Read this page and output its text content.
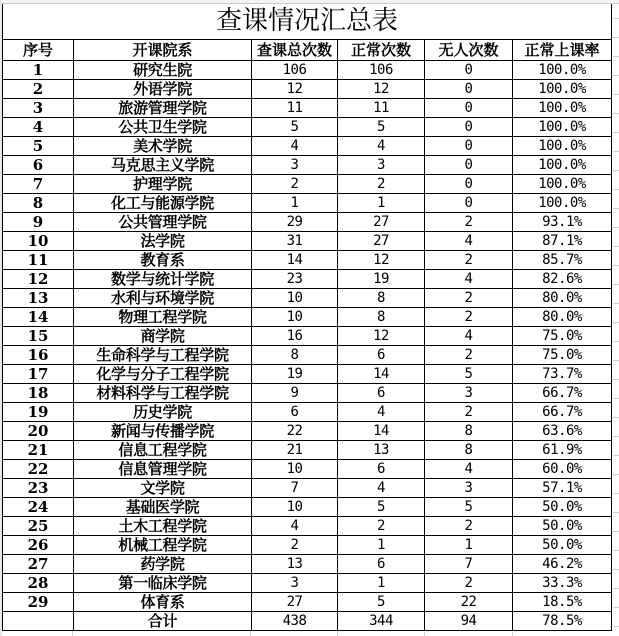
查课情况汇总表					
序号	开课院系	查课总次数	正常次数	无人次数	正常上课率
1	研究生院	106	106	0	100.0%
2	外语学院	12	12	0	100.0%
3	旅游管理学院	11	11	0	100.0%
4	公共卫生学院	5	5	0	100.0%
5	美术学院	4	4	0	100.0%
6	马克思主义学院	3	3	0	100.0%
7	护理学院	2	2	0	100.0%
8	化工与能源学院	1	1	0	100.0%
9	公共管理学院	29	27	2	93.1%
10	法学院	31	27	4	87.1%
11	教育系	14	12	2	85.7%
12	数学与统计学院	23	19	4	82.6%
13	水利与环境学院	10	8	2	80.0%
14	物理工程学院	10	8	2	80.0%
15	商学院	16	12	4	75.0%
16	生命科学与工程学院	8	6	2	75.0%
17	化学与分子工程学院	19	14	5	73.7%
18	材料科学与工程学院	9	6	3	66.7%
19	历史学院	6	4	2	66.7%
20	新闻与传播学院	22	14	8	63.6%
21	信息工程学院	21	13	8	61.9%
22	信息管理学院	10	6	4	60.0%
23	文学院	7	4	3	57.1%
24	基础医学院	10	5	5	50.0%
25	土木工程学院	4	2	2	50.0%
26	机械工程学院	2	1	1	50.0%
27	药学院	13	6	7	46.2%
28	第一临床学院	3	1	2	33.3%
29	体育系	27	5	22	18.5%
	合计	438	344	94	78.5%
